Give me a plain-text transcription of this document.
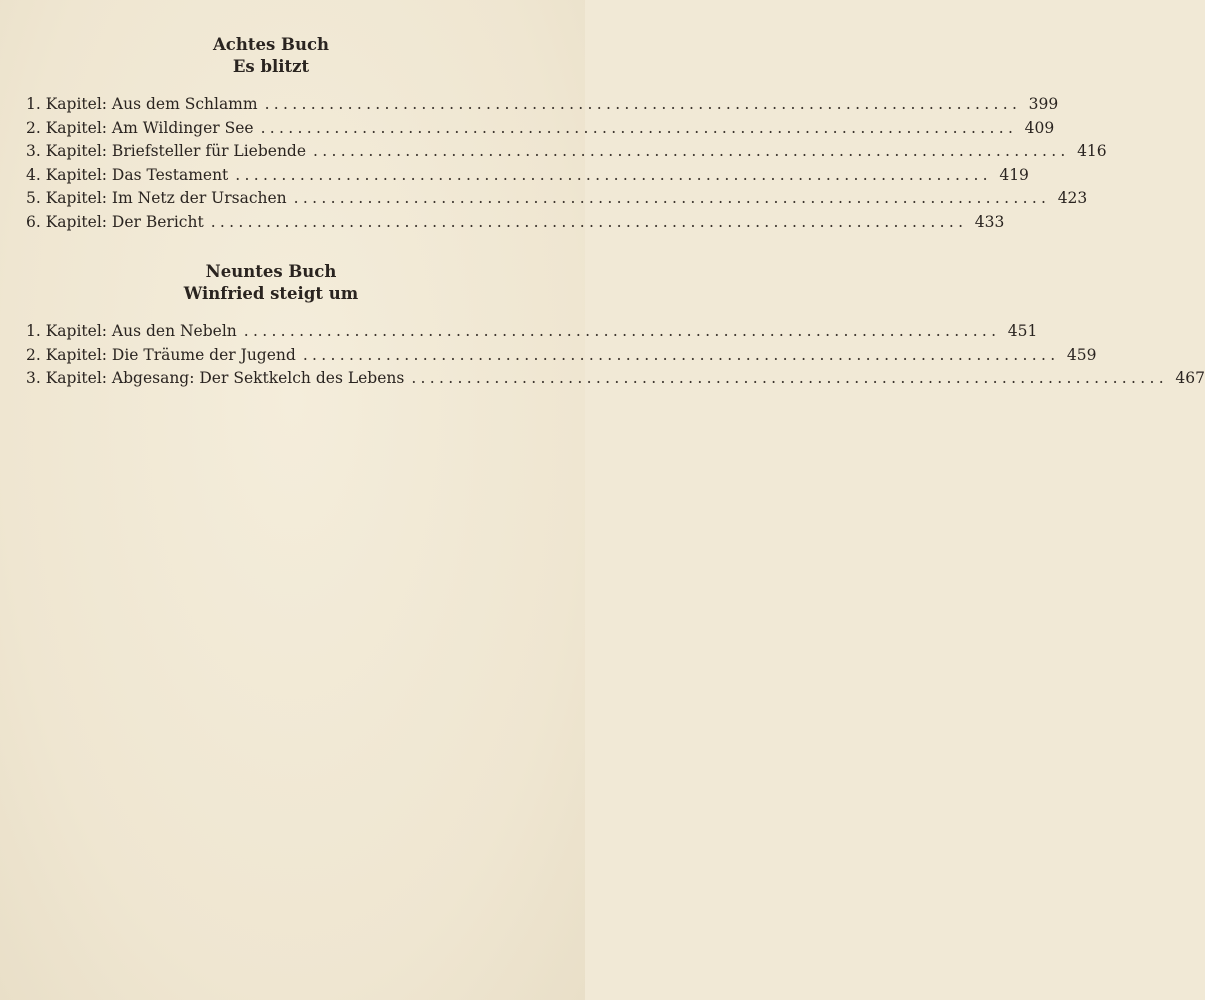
Achtes Buch
Es blitzt
1. Kapitel: Aus dem Schlamm .................................................................................. 399
2. Kapitel: Am Wildinger See .................................................................................. 409
3. Kapitel: Briefsteller für Liebende .................................................................................. 416
4. Kapitel: Das Testament .................................................................................. 419
5. Kapitel: Im Netz der Ursachen .................................................................................. 423
6. Kapitel: Der Bericht .................................................................................. 433
Neuntes Buch
Winfried steigt um
1. Kapitel: Aus den Nebeln .................................................................................. 451
2. Kapitel: Die Träume der Jugend .................................................................................. 459
3. Kapitel: Abgesang: Der Sektkelch des Lebens .................................................................................. 467
